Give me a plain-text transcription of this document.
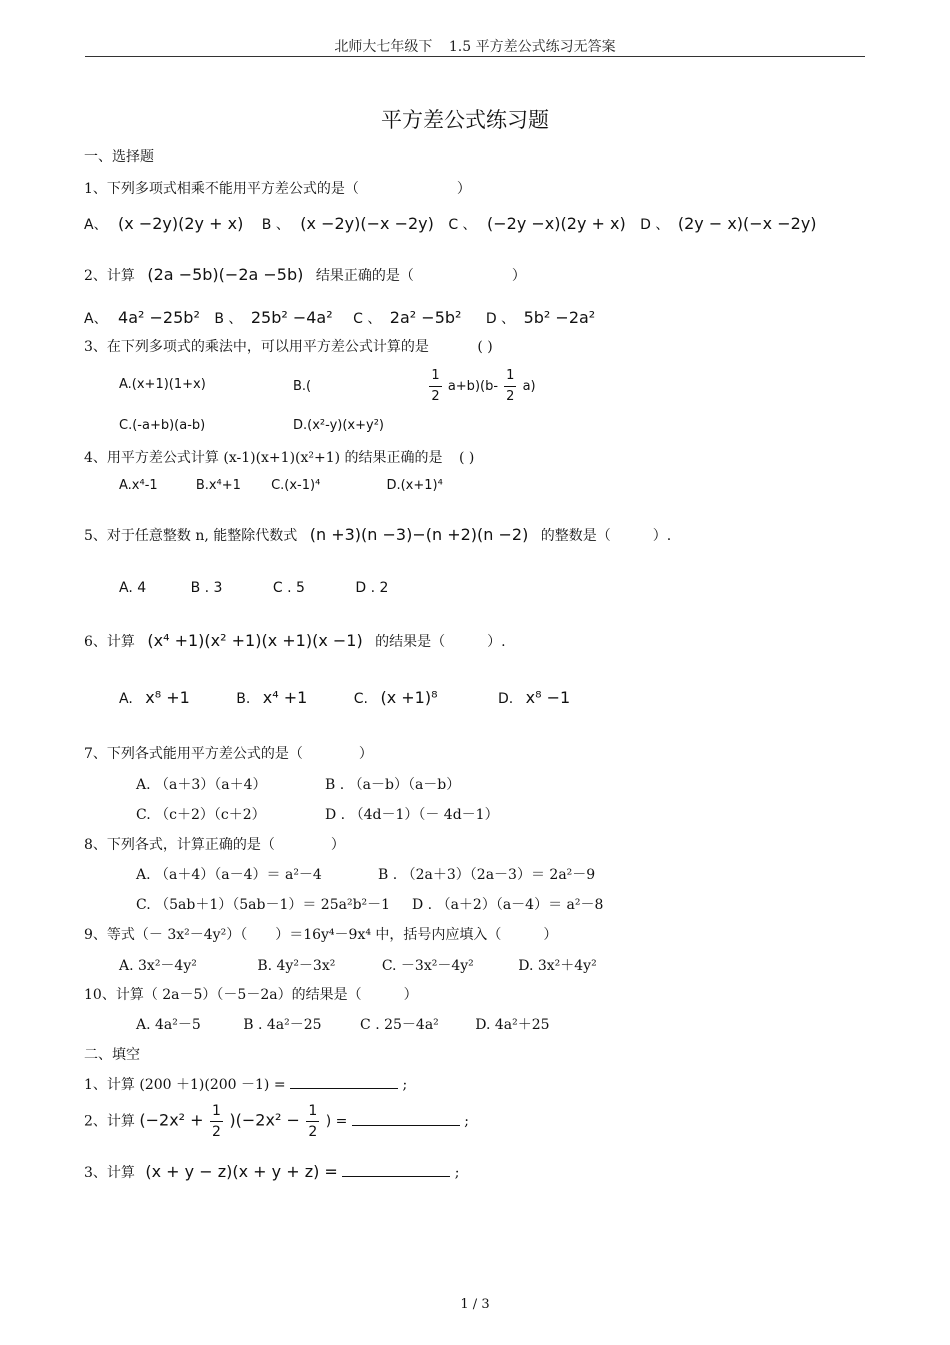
北师大七年级下 1.5 平方差公式练习无答案
平方差公式练习题
一、选择题
1、下列多项式相乘不能用平方差公式的是（　　　　　　　）
A、 (x −2y)(2y + x) B 、 (x −2y)(−x −2y) C 、 (−2y −x)(2y + x) D 、 (2y − x)(−x −2y)
2、计算 (2a −5b)(−2a −5b) 结果正确的是（　　　　　　　）
A、 4a² −25b² B 、 25b² −4a² C 、 2a² −5b² D 、 5b² −2a²
3、在下列多项式的乘法中，可以用平方差公式计算的是	( )
A.(x+1)(1+x)	B.(	$\frac{1}{2} a+b)(b- \frac{1}{2} a)$
C.(-a+b)(a-b)	D.(x²-y)(x+y²)
4、用平方差公式计算 (x-1)(x+1)(x²+1) 的结果正确的是 ( )
A.x⁴-1	B.x⁴+1 C.(x-1)⁴	D.(x+1)⁴
5、对于任意整数 n, 能整除代数式 (n +3)(n −3)−(n +2)(n −2) 的整数是（　　　）.
A. 4	B . 3	C . 5	D . 2
6、计算 (x⁴ +1)(x² +1)(x +1)(x −1) 的结果是（　　　）.
A. x⁸ +1	B. x⁴ +1	C. (x +1)⁸	D. x⁸ −1
7、下列各式能用平方差公式的是（　　　　）
A. （a＋3）（a＋4）	B . （a－b）（a－b）
C. （c＋2）（c＋2）	D . （4d－1）（－ 4d－1）
8、下列各式，计算正确的是（　　　　）
A. （a＋4）（a－4）＝ a²－4	B . （2a＋3）（2a－3）＝ 2a²－9
C. （5ab＋1）（5ab－1）＝ 25a²b²－1 D . （a＋2）（a－4）＝ a²－8
9、等式（－ 3x²－4y²）（　　）＝16y⁴－9x⁴ 中，括号内应填入（　　　）
A. 3x²－4y²	B. 4y²－3x²	C. －3x²－4y²	D. 3x²＋4y²
10、计算（ 2a－5）（－5－2a）的结果是（　　　）
A. 4a²－5	B . 4a²－25	C . 25－4a²	D. 4a²＋25
二、填空
1、计算 (200 ＋1)(200 －1) =	;
2、计算 $(-2x^2 + \frac{1}{2} )(-2x^2 - \frac{1}{2}$ ) =	;
3、计算 (x + y − z)(x + y + z) =	;
1 / 3
